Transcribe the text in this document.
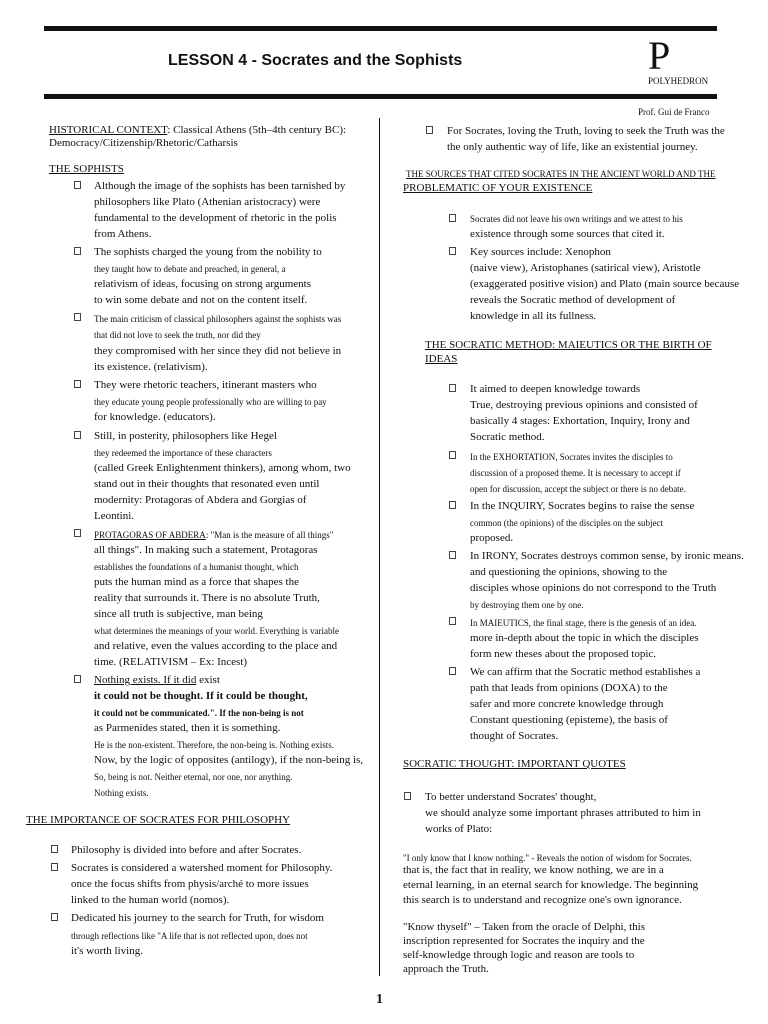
LESSON 4 - Socrates and the Sophists	P
POLYHEDRON
Prof. Gui de Franco
HISTORICAL CONTEXT: Classical Athens (5th–4th century BC):
Democracy/Citizenship/Rhetoric/Catharsis
THE SOPHISTS
Although the image of the sophists has been tarnished by
philosophers like Plato (Athenian aristocracy) were
fundamental to the development of rhetoric in the polis
from Athens.
The sophists charged the young from the nobility to
they taught how to debate and preached, in general, a
relativism of ideas, focusing on strong arguments
to win some debate and not on the content itself.
The main criticism of classical philosophers against the sophists was
that did not love to seek the truth, nor did they
they compromised with her since they did not believe in
its existence. (relativism).
They were rhetoric teachers, itinerant masters who
they educate young people professionally who are willing to pay
for knowledge. (educators).
Still, in posterity, philosophers like Hegel
they redeemed the importance of these characters
(called Greek Enlightenment thinkers), among whom, two
stand out in their thoughts that resonated even until
modernity: Protagoras of Abdera and Gorgias of
Leontini.
PROTAGORAS OF ABDERA: "Man is the measure of all things"
all things". In making such a statement, Protagoras
establishes the foundations of a humanist thought, which
puts the human mind as a force that shapes the
reality that surrounds it. There is no absolute Truth,
since all truth is subjective, man being
what determines the meanings of your world. Everything is variable
and relative, even the values according to the place and
time. (RELATIVISM – Ex: Incest)
Nothing exists. If it did exist
it could not be thought. If it could be thought,
it could not be communicated.". If the non-being is not
as Parmenides stated, then it is something.
He is the non-existent. Therefore, the non-being is. Nothing exists.
Now, by the logic of opposites (antilogy), if the non-being is,
So, being is not. Neither eternal, nor one, nor anything.
Nothing exists.
THE IMPORTANCE OF SOCRATES FOR PHILOSOPHY
Philosophy is divided into before and after Socrates.
Socrates is considered a watershed moment for Philosophy.
once the focus shifts from physis/arché to more issues
linked to the human world (nomos).
Dedicated his journey to the search for Truth, for wisdom
through reflections like "A life that is not reflected upon, does not
it's worth living.
For Socrates, loving the Truth, loving to seek the Truth was the
the only authentic way of life, like an existential journey.
THE SOURCES THAT CITED SOCRATES IN THE ANCIENT WORLD AND THE
PROBLEMATIC OF YOUR EXISTENCE
Socrates did not leave his own writings and we attest to his
existence through some sources that cited it.
Key sources include: Xenophon
(naive view), Aristophanes (satirical view), Aristotle
(exaggerated positive vision) and Plato (main source because
reveals the Socratic method of development of
knowledge in all its fullness.
THE SOCRATIC METHOD: MAIEUTICS OR THE BIRTH OF
IDEAS
It aimed to deepen knowledge towards
True, destroying previous opinions and consisted of
basically 4 stages: Exhortation, Inquiry, Irony and
Socratic method.
In the EXHORTATION, Socrates invites the disciples to
discussion of a proposed theme. It is necessary to accept if
open for discussion, accept the subject or there is no debate.
In the INQUIRY, Socrates begins to raise the sense
common (the opinions) of the disciples on the subject
proposed.
In IRONY, Socrates destroys common sense, by ironic means.
and questioning the opinions, showing to the
disciples whose opinions do not correspond to the Truth
by destroying them one by one.
In MAIEUTICS, the final stage, there is the genesis of an idea.
more in-depth about the topic in which the disciples
form new theses about the proposed topic.
We can affirm that the Socratic method establishes a
path that leads from opinions (DOXA) to the
safer and more concrete knowledge through
Constant questioning (episteme), the basis of
thought of Socrates.
SOCRATIC THOUGHT: IMPORTANT QUOTES
To better understand Socrates' thought,
we should analyze some important phrases attributed to him in
works of Plato:
"I only know that I know nothing." - Reveals the notion of wisdom for Socrates.
that is, the fact that in reality, we know nothing, we are in a
eternal learning, in an eternal search for knowledge. The beginning
this search is to understand and recognize one's own ignorance.
"Know thyself" – Taken from the oracle of Delphi, this
inscription represented for Socrates the inquiry and the
self-knowledge through logic and reason are tools to
approach the Truth.
1
